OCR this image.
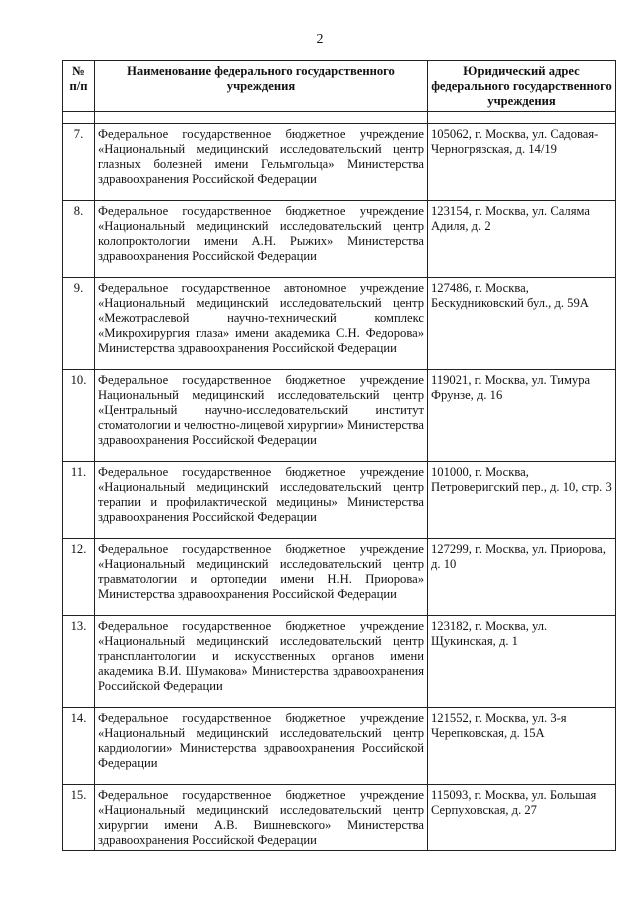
2
№ п/п	Наименование федерального государственного учреждения	Юридический адрес федерального государственного учреждения

7.	Федеральное государственное бюджетное учреждение «Национальный медицинский исследовательский центр глазных болезней имени Гельмгольца» Министерства здравоохранения Российской Федерации	105062, г. Москва, ул. Садовая-Черногрязская, д. 14/19

8.	Федеральное государственное бюджетное учреждение «Национальный медицинский исследовательский центр колопроктологии имени А.Н. Рыжих» Министерства здравоохранения Российской Федерации	123154, г. Москва, ул. Саляма Адиля, д. 2

9.	Федеральное государственное автономное учреждение «Национальный медицинский исследовательский центр «Межотраслевой научно-технический комплекс «Микрохирургия глаза» имени академика С.Н. Федорова» Министерства здравоохранения Российской Федерации	127486, г. Москва, Бескудниковский бул., д. 59А

10.	Федеральное государственное бюджетное учреждение Национальный медицинский исследовательский центр «Центральный научно-исследовательский институт стоматологии и челюстно-лицевой хирургии» Министерства здравоохранения Российской Федерации	119021, г. Москва, ул. Тимура Фрунзе, д. 16

11.	Федеральное государственное бюджетное учреждение «Национальный медицинский исследовательский центр терапии и профилактической медицины» Министерства здравоохранения Российской Федерации	101000, г. Москва, Петроверигский пер., д. 10, стр. 3

12.	Федеральное государственное бюджетное учреждение «Национальный медицинский исследовательский центр травматологии и ортопедии имени Н.Н. Приорова» Министерства здравоохранения Российской Федерации	127299, г. Москва, ул. Приорова, д. 10

13.	Федеральное государственное бюджетное учреждение «Национальный медицинский исследовательский центр трансплантологии и искусственных органов имени академика В.И. Шумакова» Министерства здравоохранения Российской Федерации	123182, г. Москва, ул. Щукинская, д. 1

14.	Федеральное государственное бюджетное учреждение «Национальный медицинский исследовательский центр кардиологии» Министерства здравоохранения Российской Федерации	121552, г. Москва, ул. 3-я Черепковская, д. 15А

15.	Федеральное государственное бюджетное учреждение «Национальный медицинский исследовательский центр хирургии имени А.В. Вишневского» Министерства здравоохранения Российской Федерации	115093, г. Москва, ул. Большая Серпуховская, д. 27
